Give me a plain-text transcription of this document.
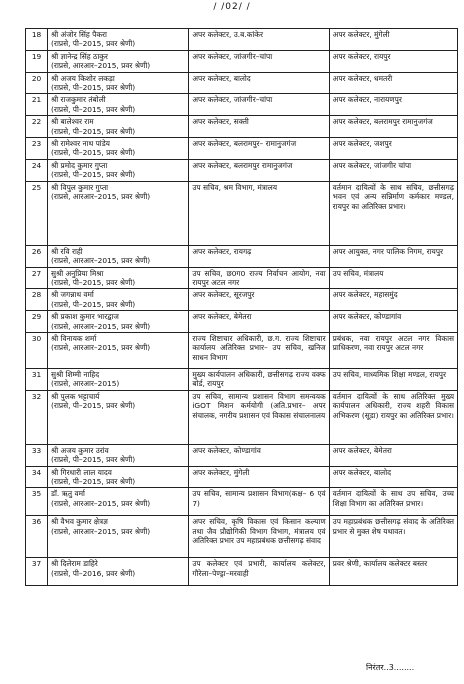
/ /02/ /
18	श्री अंजोर सिंह पैकरा
(राप्रसे, पी–2015, प्रवर श्रेणी)	अपर कलेक्टर, उ.ब.कांकेर	अपर कलेक्टर, मुंगेली
19	श्री ज्ञानेन्द्र सिंह ठाकुर
(राप्रसे, आरआर–2015, प्रवर श्रेणी)	अपर कलेक्टर, जांजगीर–चांपा	अपर कलेक्टर, रायपुर
20	श्री अजय किशोर लकड़ा
(राप्रसे, पी–2015, प्रवर श्रेणी)	अपर कलेक्टर, बालोद	अपर कलेक्टर, धमतरी
21	श्री राजकुमार तंबोली
(राप्रसे, पी–2015, प्रवर श्रेणी)	अपर कलेक्टर, जांजगीर–चांपा	अपर कलेक्टर, नारायणपुर
22	श्री बालेश्वर राम
(राप्रसे, पी–2015, प्रवर श्रेणी)	अपर कलेक्टर, सक्ती	अपर कलेक्टर, बलरामपुर रामानुजगंज
23	श्री रामेश्वर नाथ पांडेय
(राप्रसे, पी–2015, प्रवर श्रेणी)	अपर कलेक्टर, बलरामपुर– रामानुजगंज	अपर कलेक्टर, जशपुर
24	श्री प्रमोद कुमार गुप्ता
(राप्रसे, पी–2015, प्रवर श्रेणी)	अपर कलेक्टर, बलरामपुर रामानुजगंज	अपर कलेक्टर, जांजगीर चांपा
25	श्री विपुल कुमार गुप्ता
(राप्रसे, आरआर–2015, प्रवर श्रेणी)	उप सचिव, श्रम विभाग, मंत्रालय	वर्तमान दायित्वों के साथ सचिव, छत्तीसगढ़ भवन एवं अन्य सन्निर्माण कर्मकार मण्डल, रायपुर का अतिरिक्त प्रभार।
26	श्री रवि राही
(राप्रसे, आरआर–2015, प्रवर श्रेणी)	अपर कलेक्टर, रायगढ़	अपर आयुक्त, नगर पालिक निगम, रायपुर
27	सुश्री अनुप्रिया मिश्रा
(राप्रसे, पी–2015, प्रवर श्रेणी)	उप सचिव, छ0ग0 राज्य निर्वाचन आयोग, नवा रायपुर अटल नगर	उप सचिव, मंत्रालय
28	श्री जगन्नाथ वर्मा
(राप्रसे, पी–2015, प्रवर श्रेणी)	अपर कलेक्टर, सूरजपुर	अपर कलेक्टर, महासमुंद
29	श्री प्रकाश कुमार भारद्वाज
(राप्रसे, आरआर–2015, प्रवर श्रेणी)	अपर कलेक्टर, बेमेतरा	अपर कलेक्टर, कोण्डागांव
30	श्री विनायक शर्मा
(राप्रसे, आरआर–2015, प्रवर श्रेणी)	राज्य शिष्टाचार अधिकारी, छ.ग. राज्य शिष्टाचार कार्यालय अतिरिक्त प्रभार– उप सचिव, खनिज साधन विभाग	प्रबंधक, नवा रायपुर अटल नगर विकास प्राधिकरण, नवा रायपुर अटल नगर
31	सुश्री शिम्मी नाहिद
(राप्रसे, आरआर–2015)	मुख्य कार्यपालन अधिकारी, छत्तीसगढ़ राज्य वक्फ बोर्ड, रायपुर	उप सचिव, माध्यमिक शिक्षा मण्डल, रायपुर
32	श्री पुलक भट्टाचार्य
(राप्रसे, पी–2015, प्रवर श्रेणी)	उप सचिव, सामान्य प्रशासन विभाग समन्वयक iGOT मिशन कर्मयोगी (अति.प्रभार– अपर संचालक, नगरीय प्रशासन एवं विकास संचालनालय	वर्तमान दायित्वों के साथ अतिरिक्त मुख्य कार्यपालन अधिकारी, राज्य शहरी विकास अभिकरण (सूडा) रायपुर का अतिरिक्त प्रभार।
33	श्री अजय कुमार उरांव
(राप्रसे, पी–2015, प्रवर श्रेणी)	अपर कलेक्टर, कोण्डागांव	अपर कलेक्टर, बेमेतरा
34	श्री गिरधारी लाल यादव
(राप्रसे, पी–2015, प्रवर श्रेणी)	अपर कलेक्टर, मुंगेली	अपर कलेक्टर, बालोद
35	डॉ. ऋतु वर्मा
(राप्रसे, आरआर–2015, प्रवर श्रेणी)	उप सचिव, सामान्य प्रशासन विभाग(कक्ष– 6 एवं 7)	वर्तमान दायित्वों के साथ उप सचिव, उच्च शिक्षा विभाग का अतिरिक्त प्रभार।
36	श्री वैभव कुमार क्षेत्रज्ञ
(राप्रसे, आरआर–2015, प्रवर श्रेणी)	अपर सचिव, कृषि विकास एवं किसान कल्याण तथा जैव प्रौद्योगिकी विभाग विभाग, मंत्रालय एवं अतिरिक्त प्रभार उप महाप्रबंधक छत्तीसगढ़ संवाद	उप महाप्रबंधक छत्तीसगढ़ संवाद के अतिरिक्त प्रभार से मुक्त शेष यथावत।
37	श्री दिलेराम डाहिरे
(राप्रसे, पी–2016, प्रवर श्रेणी)	उप कलेक्टर एवं प्रभारी, कार्यालय कलेक्टर, गौरेला–पेण्ड्रा–मरवाही	प्रवर श्रेणी, कार्यालय कलेक्टर बस्तर
निरंतर..3........
